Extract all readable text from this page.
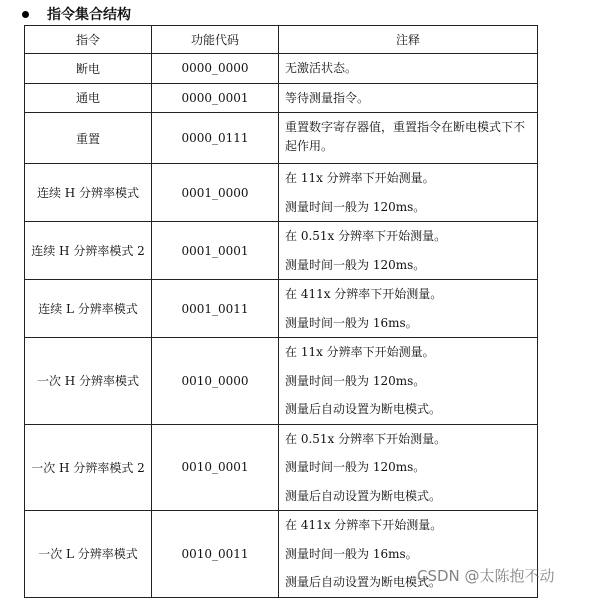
指令集合结构
指令	功能代码	注释
断电	0000_0000	无激活状态。

通电	0000_0001	等待测量指令。

重置	0000_0111	重置数字寄存器值，重置指令在断电模式下不起作用。

连续 H 分辨率模式	0001_0000	在 11x 分辨率下开始测量。
测量时间一般为 120ms。

连续 H 分辨率模式 2	0001_0001	在 0.51x 分辨率下开始测量。
测量时间一般为 120ms。

连续 L 分辨率模式	0001_0011	在 411x 分辨率下开始测量。
测量时间一般为 16ms。

一次 H 分辨率模式	0010_0000	在 11x 分辨率下开始测量。
测量时间一般为 120ms。
测量后自动设置为断电模式。

一次 H 分辨率模式 2	0010_0001	在 0.51x 分辨率下开始测量。
测量时间一般为 120ms。
测量后自动设置为断电模式。

一次 L 分辨率模式	0010_0011	在 411x 分辨率下开始测量。
测量时间一般为 16ms。
测量后自动设置为断电模式。
CSDN @太陈抱不动
